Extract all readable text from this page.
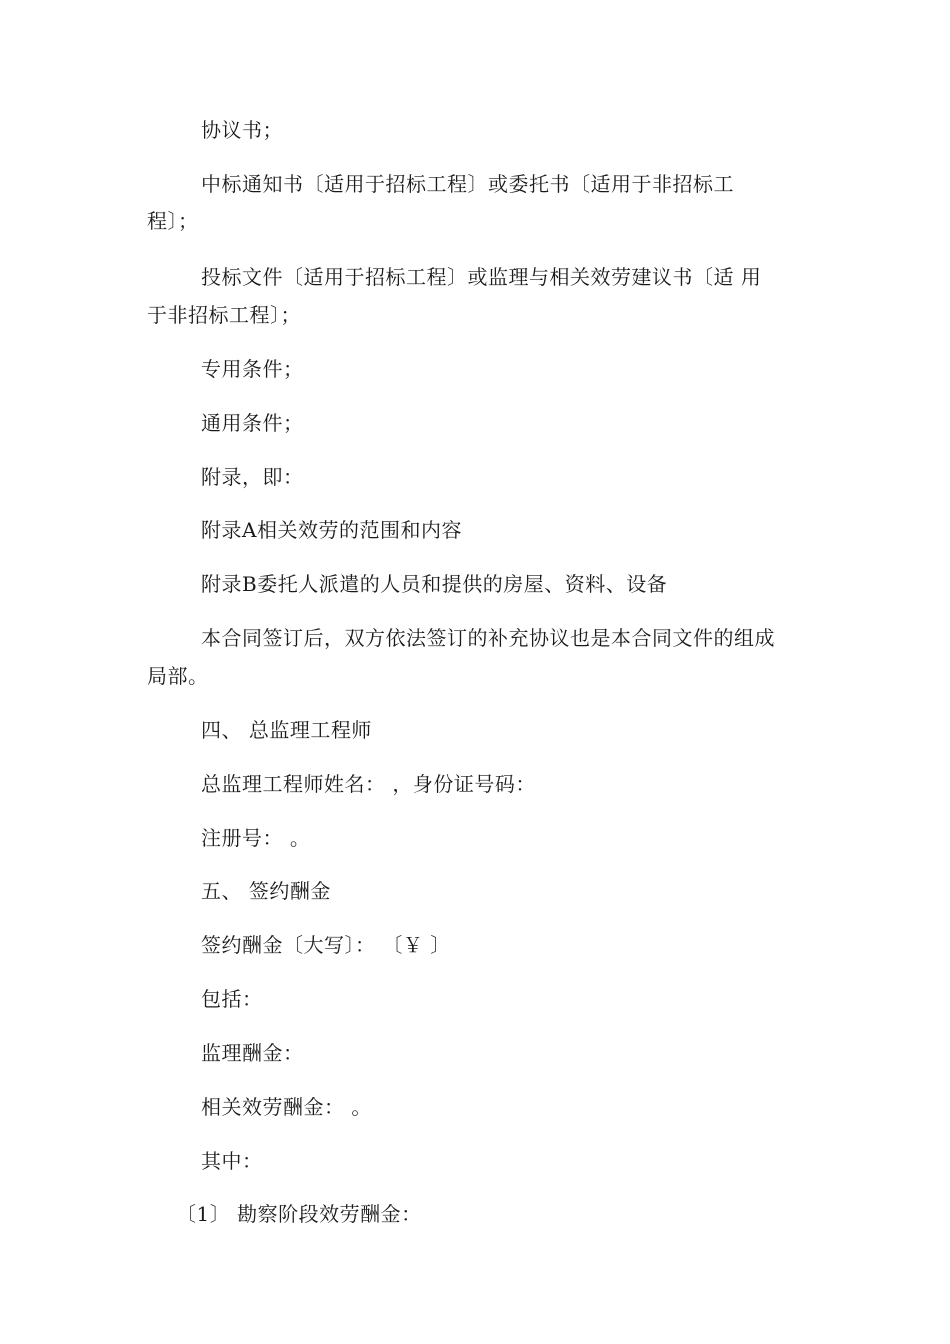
协议书；
中标通知书〔适用于招标工程〕或委托书〔适用于非招标工
程〕；
投标文件〔适用于招标工程〕或监理与相关效劳建议书〔适 用
于非招标工程〕；
专用条件；
通用条件；
附录，即：
附录A相关效劳的范围和内容
附录B委托人派遣的人员和提供的房屋、资料、设备
本合同签订后，双方依法签订的补充协议也是本合同文件的组成
局部。
四、 总监理工程师
总监理工程师姓名： ，身份证号码：
注册号： 。
五、 签约酬金
签约酬金〔大写〕： 〔￥ 〕
包括：
监理酬金：
相关效劳酬金： 。
其中：
〔1〕 勘察阶段效劳酬金：
